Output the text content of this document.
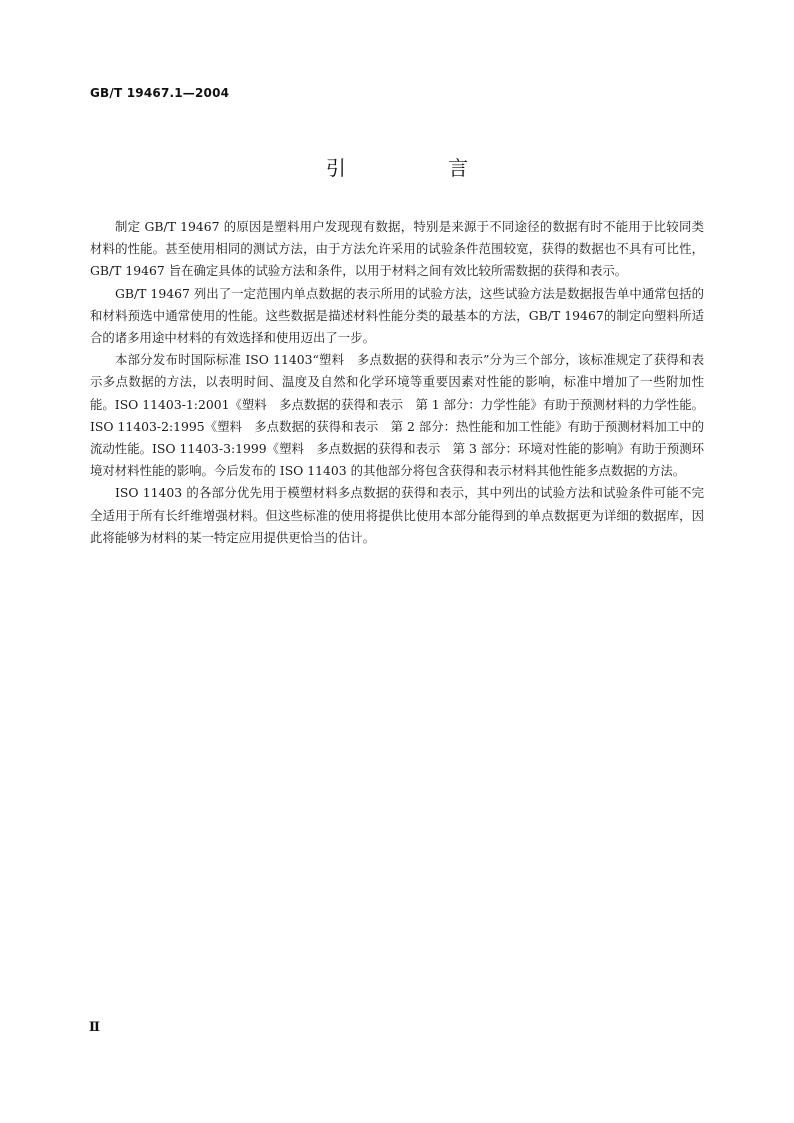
GB/T 19467.1—2004
引 言

制定 GB/T 19467 的原因是塑料用户发现现有数据，特别是来源于不同途径的数据有时不能用于比较同类材料的性能。甚至使用相同的测试方法，由于方法允许采用的试验条件范围较宽，获得的数据也不具有可比性，GB/T 19467 旨在确定具体的试验方法和条件，以用于材料之间有效比较所需数据的获得和表示。

GB/T 19467 列出了一定范围内单点数据的表示所用的试验方法，这些试验方法是数据报告单中通常包括的和材料预选中通常使用的性能。这些数据是描述材料性能分类的最基本的方法，GB/T 19467的制定向塑料所适合的诸多用途中材料的有效选择和使用迈出了一步。

本部分发布时国际标准 ISO 11403“塑料　多点数据的获得和表示”分为三个部分，该标准规定了获得和表示多点数据的方法，以表明时间、温度及自然和化学环境等重要因素对性能的影响，标准中增加了一些附加性能。ISO 11403-1:2001《塑料　多点数据的获得和表示　第 1 部分：力学性能》有助于预测材料的力学性能。ISO 11403-2:1995《塑料　多点数据的获得和表示　第 2 部分：热性能和加工性能》有助于预测材料加工中的流动性能。ISO 11403-3:1999《塑料　多点数据的获得和表示　第 3 部分：环境对性能的影响》有助于预测环境对材料性能的影响。今后发布的 ISO 11403 的其他部分将包含获得和表示材料其他性能多点数据的方法。

ISO 11403 的各部分优先用于模塑材料多点数据的获得和表示，其中列出的试验方法和试验条件可能不完全适用于所有长纤维增强材料。但这些标准的使用将提供比使用本部分能得到的单点数据更为详细的数据库，因此将能够为材料的某一特定应用提供更恰当的估计。

Ⅱ
